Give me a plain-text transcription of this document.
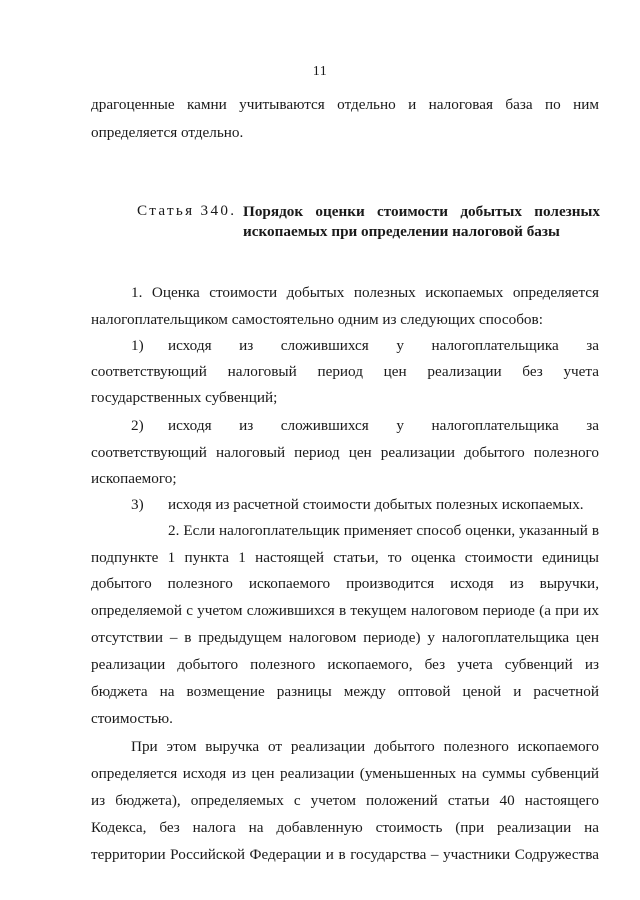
11
драгоценные камни учитываются отдельно и налоговая база по ним
определяется отдельно.
Статья 340. Порядок оценки стоимости добытых полезных
ископаемых при определении налоговой базы
1. Оценка стоимости добытых полезных ископаемых определяется
налогоплательщиком самостоятельно одним из следующих способов:
1) исходя из сложившихся у налогоплательщика за
соответствующий налоговый период цен реализации без учета
государственных субвенций;
2) исходя из сложившихся у налогоплательщика за
соответствующий налоговый период цен реализации добытого полезного
ископаемого;
3) исходя из расчетной стоимости добытых полезных ископаемых.
2. Если налогоплательщик применяет способ оценки, указанный в
подпункте 1 пункта 1 настоящей статьи, то оценка стоимости единицы
добытого полезного ископаемого производится исходя из выручки,
определяемой с учетом сложившихся в текущем налоговом периоде (а при их
отсутствии – в предыдущем налоговом периоде) у налогоплательщика цен
реализации добытого полезного ископаемого, без учета субвенций из
бюджета на возмещение разницы между оптовой ценой и расчетной
стоимостью.
При этом выручка от реализации добытого полезного ископаемого
определяется исходя из цен реализации (уменьшенных на суммы субвенций
из бюджета), определяемых с учетом положений статьи 40 настоящего
Кодекса, без налога на добавленную стоимость (при реализации на
территории Российской Федерации и в государства – участники Содружества
